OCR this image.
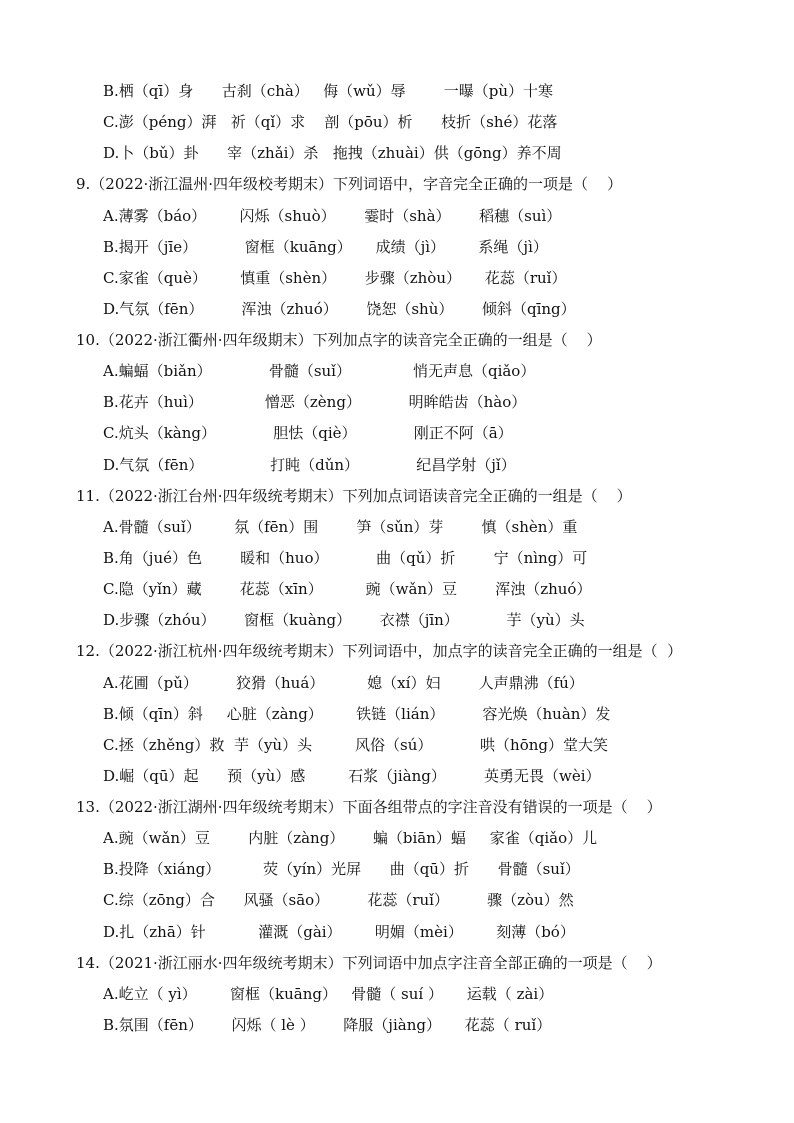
B.栖（qī）身      古刹（chà）   侮（wǔ）辱        一曝（pù）十寒
C.澎（péng）湃   祈（qǐ）求    剖（pōu）析      枝折（shé）花落
D.卜（bǔ）卦      宰（zhǎi）杀   拖拽（zhuài）供（gōng）养不周
9.（2022·浙江温州·四年级校考期末）下列词语中，字音完全正确的一项是（    ）
A.薄雾（báo）       闪烁（shuò）      霎时（shà）      稻穗（suì）
B.揭开（jīe）          窗框（kuāng）     成绩（jì）       系绳（jì）
C.家雀（què）       慎重（shèn）      步骤（zhòu）     花蕊（ruǐ）
D.气氛（fēn）        浑浊（zhuó）      饶恕（shù）      倾斜（qīng）
10.（2022·浙江衢州·四年级期末）下列加点字的读音完全正确的一组是（    ）
A.蝙蝠（biǎn）            骨髓（suǐ）             悄无声息（qiǎo）
B.花卉（huì）             憎恶（zèng）          明眸皓齿（hào）
C.炕头（kàng）            胆怯（qiè）            刚正不阿（ā）
D.气氛（fēn）              打盹（dǔn）            纪昌学射（jǐ）
11.（2022·浙江台州·四年级统考期末）下列加点词语读音完全正确的一组是（    ）
A.骨髓（suǐ）       氛（fēn）围        笋（sǔn）芽        慎（shèn）重
B.角（jué）色        暖和（huo）          曲（qǔ）折        宁（nìng）可
C.隐（yǐn）藏        花蕊（xīn）         豌（wǎn）豆        浑浊（zhuó）
D.步骤（zhóu）      窗框（kuàng）      衣襟（jīn）          芋（yù）头
12.（2022·浙江杭州·四年级统考期末）下列词语中，加点字的读音完全正确的一组是（  ）
A.花圃（pǔ）        狡猾（huá）         媳（xí）妇        人声鼎沸（fú）
B.倾（qīn）斜     心脏（zàng）       铁链（lián）        容光焕（huàn）发
C.拯（zhěng）救  芋（yù）头         风俗（sú）          哄（hōng）堂大笑
D.崛（qū）起      预（yù）感         石浆（jiàng）        英勇无畏（wèi）
13.（2022·浙江湖州·四年级统考期末）下面各组带点的字注音没有错误的一项是（    ）
A.豌（wǎn）豆        内脏（zàng）      蝙（biān）蝠     家雀（qiǎo）儿
B.投降（xiáng）         荧（yín）光屏      曲（qū）折      骨髓（suǐ）
C.综（zōng）合      风骚（sāo）        花蕊（ruǐ）        骤（zòu）然
D.扎（zhā）针           灌溉（gài）       明媚（mèi）       刻薄（bó）
14.（2021·浙江丽水·四年级统考期末）下列词语中加点字注音全部正确的一项是（    ）
A.屹立（ yì）       窗框（kuāng）   骨髓（ suí ）     运载（ zài）
B.氛围（fēn）      闪烁（ lè ）      降服（jiàng）     花蕊（ ruǐ）
